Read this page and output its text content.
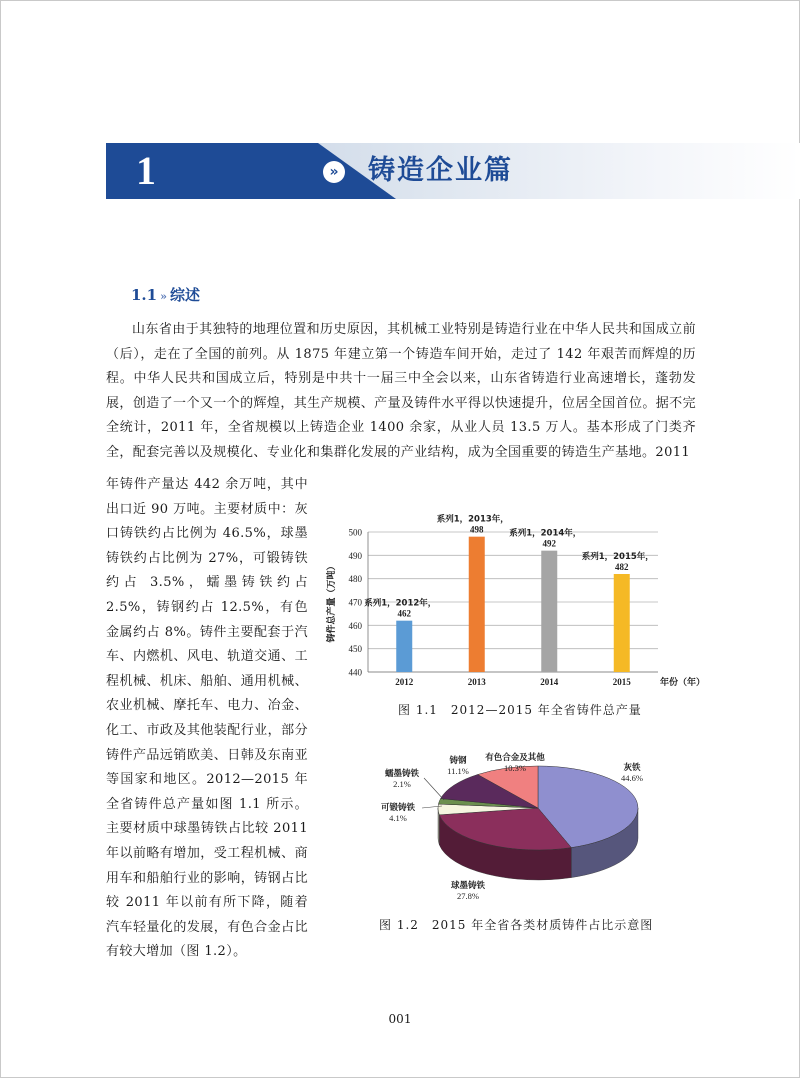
1	» 铸造企业篇
1.1 » 综述
山东省由于其独特的地理位置和历史原因，其机械工业特别是铸造行业在中华人民共和国成立前（后），走在了全国的前列。从 1875 年建立第一个铸造车间开始，走过了 142 年艰苦而辉煌的历程。中华人民共和国成立后，特别是中共十一届三中全会以来，山东省铸造行业高速增长，蓬勃发展，创造了一个又一个的辉煌，其生产规模、产量及铸件水平得以快速提升，位居全国首位。据不完全统计，2011 年，全省规模以上铸造企业 1400 余家，从业人员 13.5 万人。基本形成了门类齐全，配套完善以及规模化、专业化和集群化发展的产业结构，成为全国重要的铸造生产基地。2011
年铸件产量达 442 余万吨，其中出口近 90 万吨。主要材质中：灰口铸铁约占比例为 46.5%，球墨铸铁约占比例为 27%，可锻铸铁约占 3.5%，蠕墨铸铁约占 2.5%，铸钢约占 12.5%，有色金属约占 8%。铸件主要配套于汽车、内燃机、风电、轨道交通、工程机械、机床、船舶、通用机械、农业机械、摩托车、电力、冶金、化工、市政及其他装配行业，部分铸件产品远销欧美、日韩及东南亚等国家和地区。2012—2015 年全省铸件总产量如图 1.1 所示。主要材质中球墨铸铁占比较 2011 年以前略有增加，受工程机械、商用车和船舶行业的影响，铸钢占比较 2011 年以前有所下降，随着汽车轻量化的发展，有色合金占比有较大增加（图 1.2）。
440
450
460
470
480
490
500
铸件总产量（万吨）
2012
462
系列1，2012年，
2013
498
系列1，2013年，
2014
492
系列1，2014年，
2015
482
系列1，2015年，
年份（年）
图 1.1　2012—2015 年全省铸件总产量
灰铁
44.6%
球墨铸铁
27.8%
可锻铸铁
4.1%
蠕墨铸铁
2.1%
铸钢
11.1%
有色合金及其他
10.3%
图 1.2　2015 年全省各类材质铸件占比示意图
001
